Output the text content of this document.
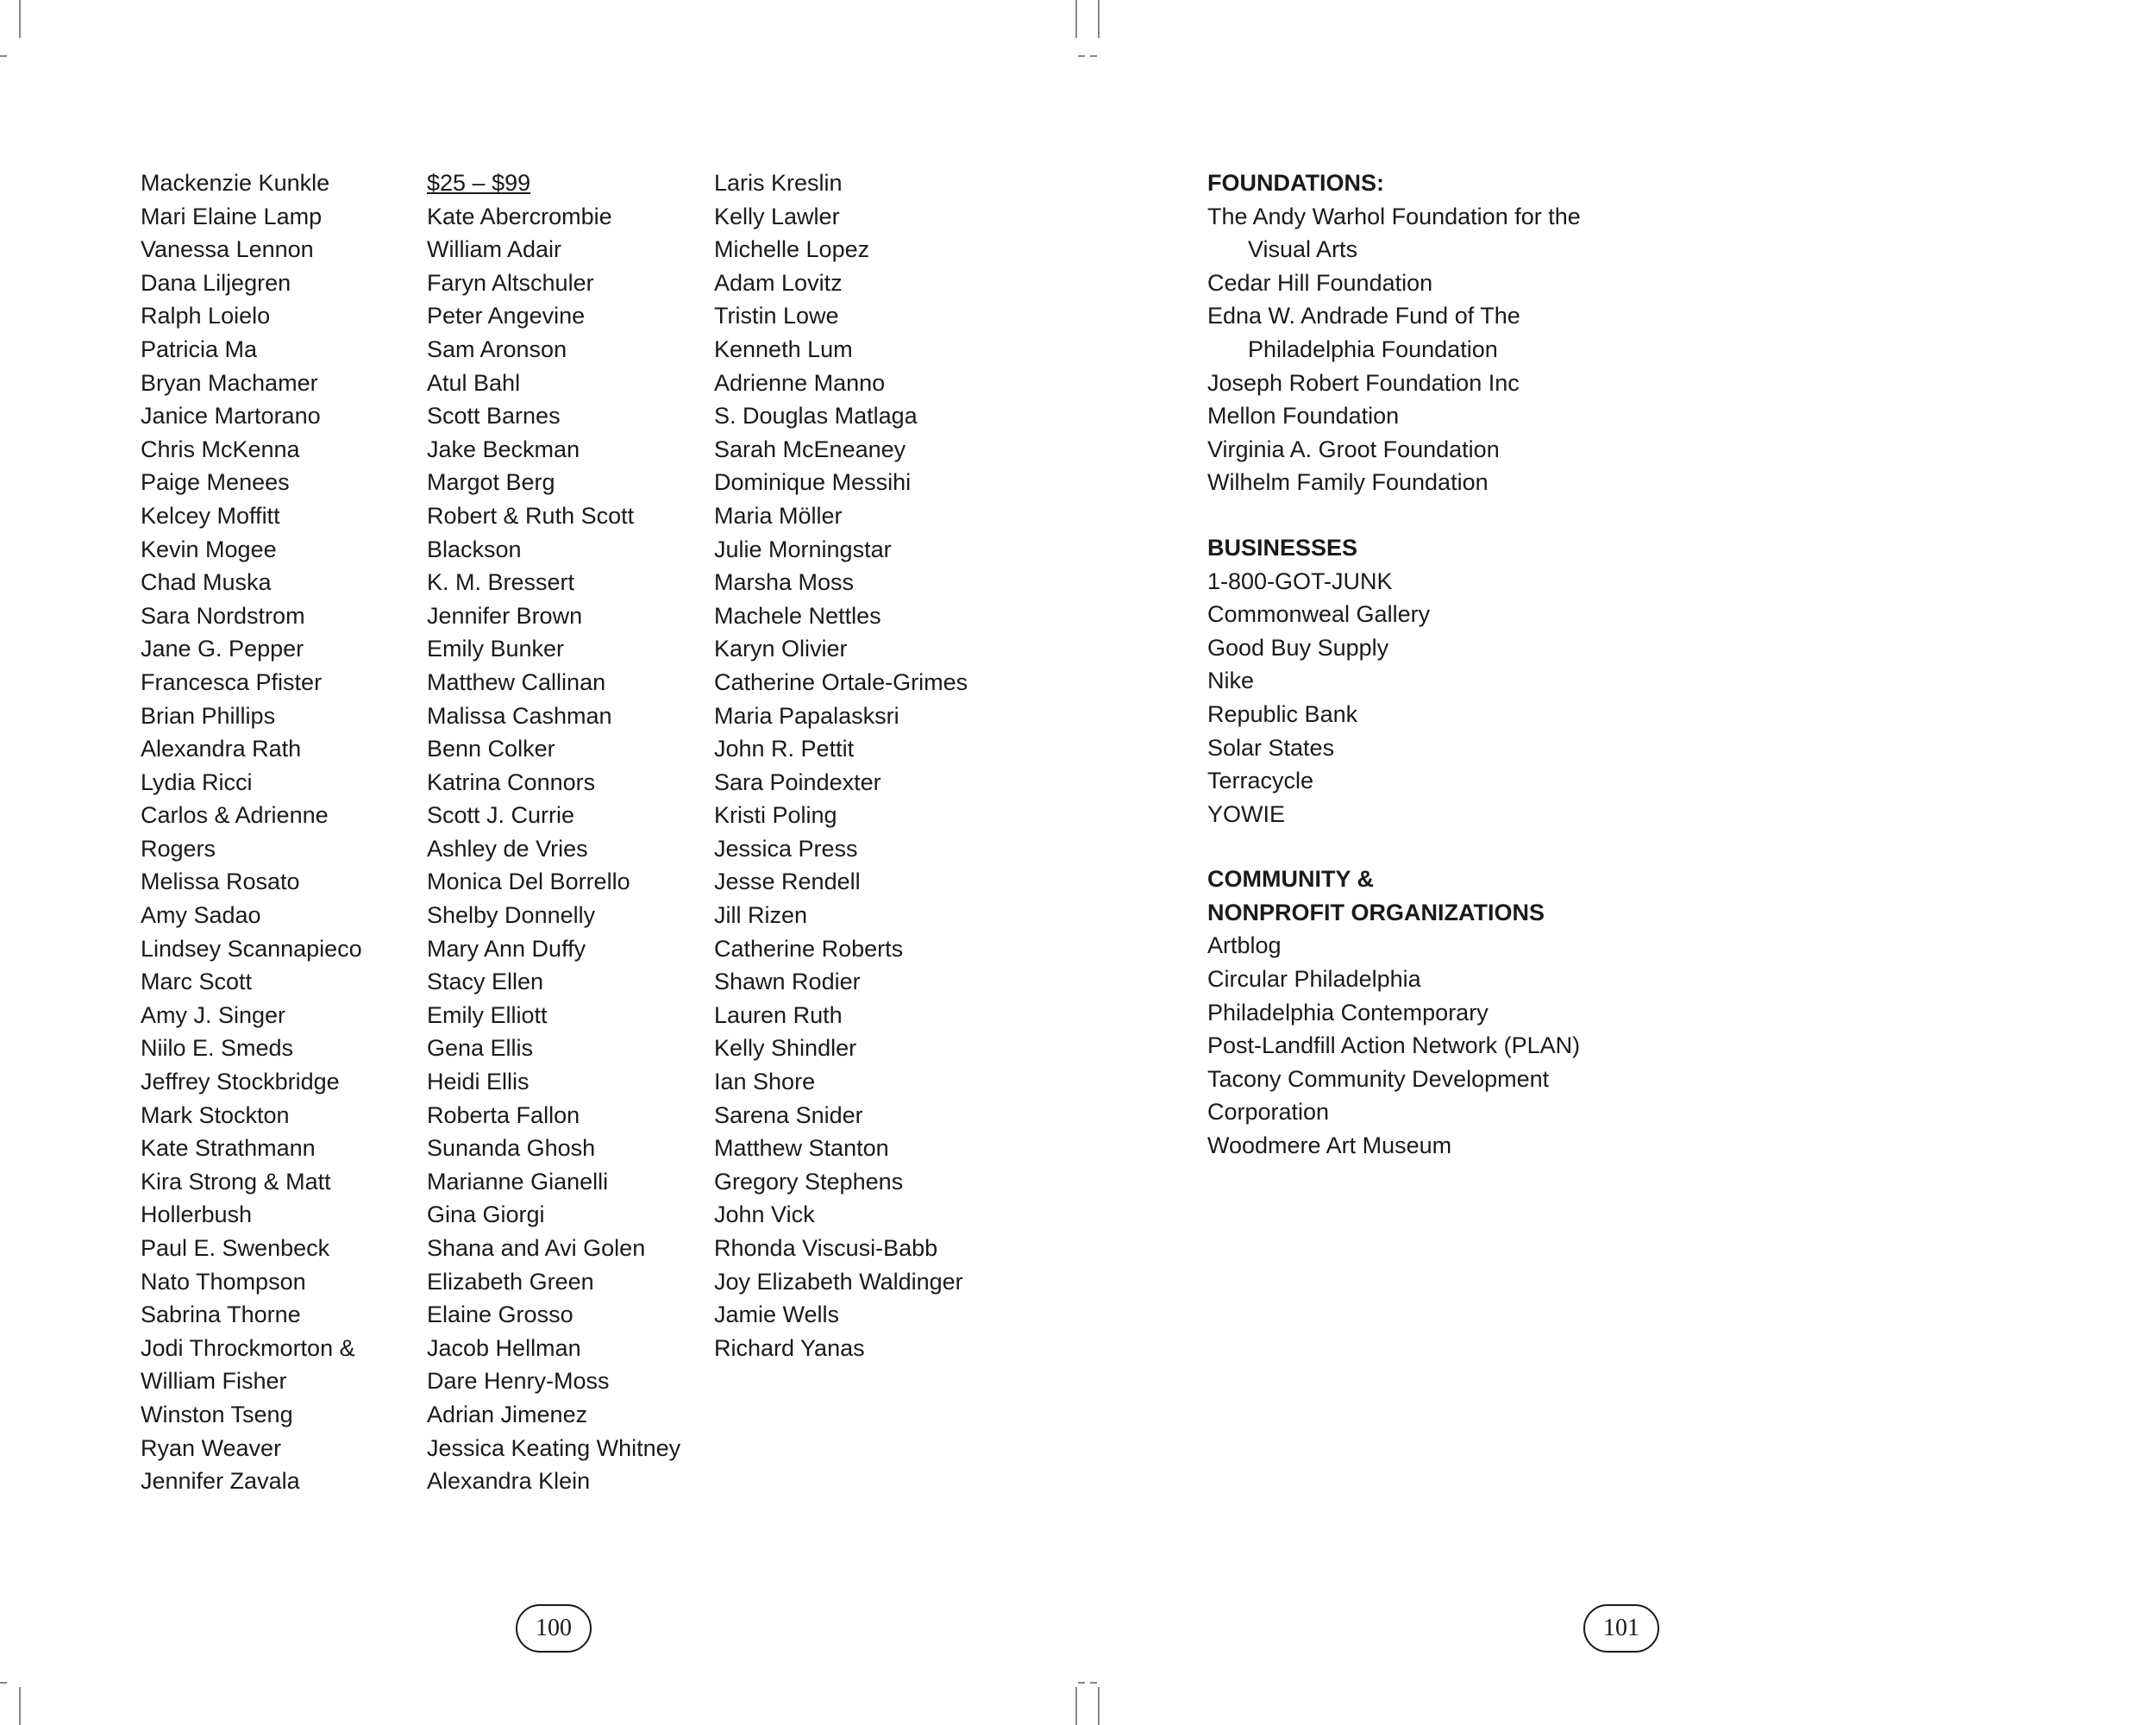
Mackenzie Kunkle
Mari Elaine Lamp
Vanessa Lennon
Dana Liljegren
Ralph Loielo
Patricia Ma
Bryan Machamer
Janice Martorano
Chris McKenna
Paige Menees
Kelcey Moffitt
Kevin Mogee
Chad Muska
Sara Nordstrom
Jane G. Pepper
Francesca Pfister
Brian Phillips
Alexandra Rath
Lydia Ricci
Carlos & Adrienne
Rogers
Melissa Rosato
Amy Sadao
Lindsey Scannapieco
Marc Scott
Amy J. Singer
Niilo E. Smeds
Jeffrey Stockbridge
Mark Stockton
Kate Strathmann
Kira Strong & Matt
Hollerbush
Paul E. Swenbeck
Nato Thompson
Sabrina Thorne
Jodi Throckmorton &
William Fisher
Winston Tseng
Ryan Weaver
Jennifer Zavala
$25 – $99
Kate Abercrombie
William Adair
Faryn Altschuler
Peter Angevine
Sam Aronson
Atul Bahl
Scott Barnes
Jake Beckman
Margot Berg
Robert & Ruth Scott
Blackson
K. M. Bressert
Jennifer Brown
Emily Bunker
Matthew Callinan
Malissa Cashman
Benn Colker
Katrina Connors
Scott J. Currie
Ashley de Vries
Monica Del Borrello
Shelby Donnelly
Mary Ann Duffy
Stacy Ellen
Emily Elliott
Gena Ellis
Heidi Ellis
Roberta Fallon
Sunanda Ghosh
Marianne Gianelli
Gina Giorgi
Shana and Avi Golen
Elizabeth Green
Elaine Grosso
Jacob Hellman
Dare Henry-Moss
Adrian Jimenez
Jessica Keating Whitney
Alexandra Klein
Laris Kreslin
Kelly Lawler
Michelle Lopez
Adam Lovitz
Tristin Lowe
Kenneth Lum
Adrienne Manno
S. Douglas Matlaga
Sarah McEneaney
Dominique Messihi
Maria Möller
Julie Morningstar
Marsha Moss
Machele Nettles
Karyn Olivier
Catherine Ortale-Grimes
Maria Papalasksri
John R. Pettit
Sara Poindexter
Kristi Poling
Jessica Press
Jesse Rendell
Jill Rizen
Catherine Roberts
Shawn Rodier
Lauren Ruth
Kelly Shindler
Ian Shore
Sarena Snider
Matthew Stanton
Gregory Stephens
John Vick
Rhonda Viscusi-Babb
Joy Elizabeth Waldinger
Jamie Wells
Richard Yanas
100
FOUNDATIONS:
The Andy Warhol Foundation for the
Visual Arts
Cedar Hill Foundation
Edna W. Andrade Fund of The
Philadelphia Foundation
Joseph Robert Foundation Inc
Mellon Foundation
Virginia A. Groot Foundation
Wilhelm Family Foundation
BUSINESSES
1-800-GOT-JUNK
Commonweal Gallery
Good Buy Supply
Nike
Republic Bank
Solar States
Terracycle
YOWIE
COMMUNITY &
NONPROFIT ORGANIZATIONS
Artblog
Circular Philadelphia
Philadelphia Contemporary
Post-Landfill Action Network (PLAN)
Tacony Community Development
Corporation
Woodmere Art Museum
101
